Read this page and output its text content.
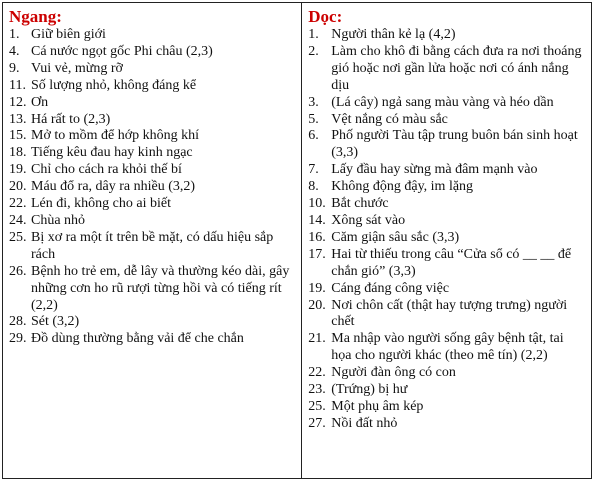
Ngang:
1. Giữ biên giới
4. Cá nước ngọt gốc Phi châu (2,3)
9. Vui vẻ, mừng rỡ
11. Số lượng nhỏ, không đáng kể
12. Ơn
13. Há rất to (2,3)
15. Mở to mồm để hớp không khí
18. Tiếng kêu đau hay kinh ngạc
19. Chỉ cho cách ra khỏi thế bí
20. Máu đổ ra, dây ra nhiều (3,2)
22. Lén đi, không cho ai biết
24. Chùa nhỏ
25. Bị xơ ra một ít trên bề mặt, có dấu hiệu sắp rách
26. Bệnh ho trẻ em, dễ lây và thường kéo dài, gây những cơn ho rũ rượi từng hồi và có tiếng rít (2,2)
28. Sét (3,2)
29. Đồ dùng thường bằng vải để che chắn

Dọc:
1. Người thân kẻ lạ (4,2)
2. Làm cho khô đi bằng cách đưa ra nơi thoáng gió hoặc nơi gần lửa hoặc nơi có ánh nắng dịu
3. (Lá cây) ngả sang màu vàng và héo dần
5. Vệt nắng có màu sắc
6. Phố người Tàu tập trung buôn bán sinh hoạt (3,3)
7. Lấy đầu hay sừng mà đâm mạnh vào
8. Không động đậy, im lặng
10. Bắt chước
14. Xông sát vào
16. Căm giận sâu sắc (3,3)
17. Hai từ thiếu trong câu “Cửa sổ có __ __ để chắn gió” (3,3)
19. Cáng đáng công việc
20. Nơi chôn cất (thật hay tượng trưng) người chết
21. Ma nhập vào người sống gây bệnh tật, tai họa cho người khác (theo mê tín) (2,2)
22. Người đàn ông có con
23. (Trứng) bị hư
25. Một phụ âm kép
27. Nồi đất nhỏ
